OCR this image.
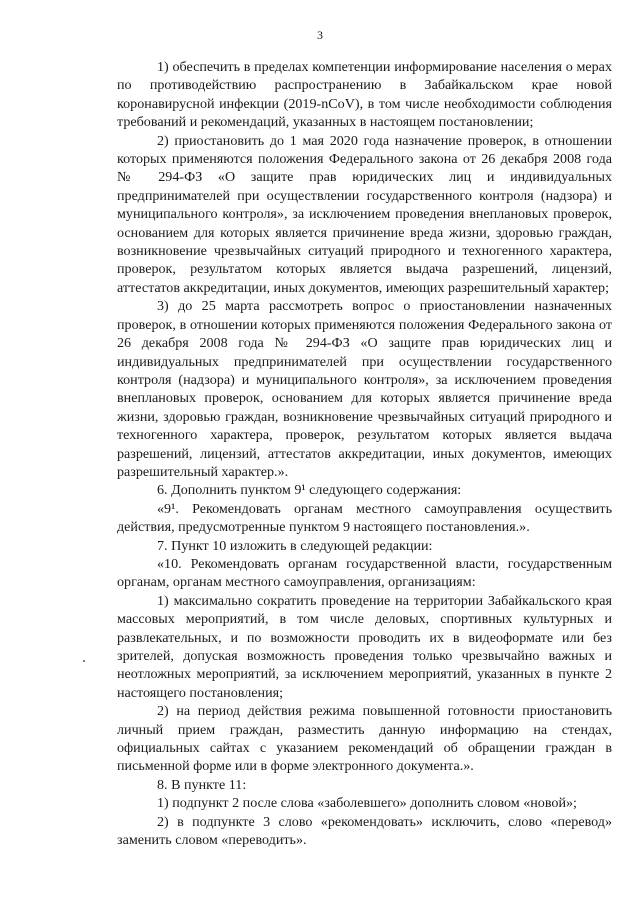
3

1) обеспечить в пределах компетенции информирование населения о мерах по противодействию распространению в Забайкальском крае новой коронавирусной инфекции (2019-nCoV), в том числе необходимости соблюдения требований и рекомендаций, указанных в настоящем постановлении;

2) приостановить до 1 мая 2020 года назначение проверок, в отношении которых применяются положения Федерального закона от 26 декабря 2008 года № 294-ФЗ «О защите прав юридических лиц и индивидуальных предпринимателей при осуществлении государственного контроля (надзора) и муниципального контроля», за исключением проведения внеплановых проверок, основанием для которых является причинение вреда жизни, здоровью граждан, возникновение чрезвычайных ситуаций природного и техногенного характера, проверок, результатом которых является выдача разрешений, лицензий, аттестатов аккредитации, иных документов, имеющих разрешительный характер;

3) до 25 марта рассмотреть вопрос о приостановлении назначенных проверок, в отношении которых применяются положения Федерального закона от 26 декабря 2008 года № 294-ФЗ «О защите прав юридических лиц и индивидуальных предпринимателей при осуществлении государственного контроля (надзора) и муниципального контроля», за исключением проведения внеплановых проверок, основанием для которых является причинение вреда жизни, здоровью граждан, возникновение чрезвычайных ситуаций природного и техногенного характера, проверок, результатом которых является выдача разрешений, лицензий, аттестатов аккредитации, иных документов, имеющих разрешительный характер.».

6. Дополнить пунктом 9¹ следующего содержания:

«9¹. Рекомендовать органам местного самоуправления осуществить действия, предусмотренные пунктом 9 настоящего постановления.».

7. Пункт 10 изложить в следующей редакции:

«10. Рекомендовать органам государственной власти, государственным органам, органам местного самоуправления, организациям:

1) максимально сократить проведение на территории Забайкальского края массовых мероприятий, в том числе деловых, спортивных культурных и развлекательных, и по возможности проводить их в видеоформате или без зрителей, допуская возможность проведения только чрезвычайно важных и неотложных мероприятий, за исключением мероприятий, указанных в пункте 2 настоящего постановления;

2) на период действия режима повышенной готовности приостановить личный прием граждан, разместить данную информацию на стендах, официальных сайтах с указанием рекомендаций об обращении граждан в письменной форме или в форме электронного документа.».

8. В пункте 11:

1) подпункт 2 после слова «заболевшего» дополнить словом «новой»;

2) в подпункте 3 слово «рекомендовать» исключить, слово «перевод» заменить словом «переводить».
